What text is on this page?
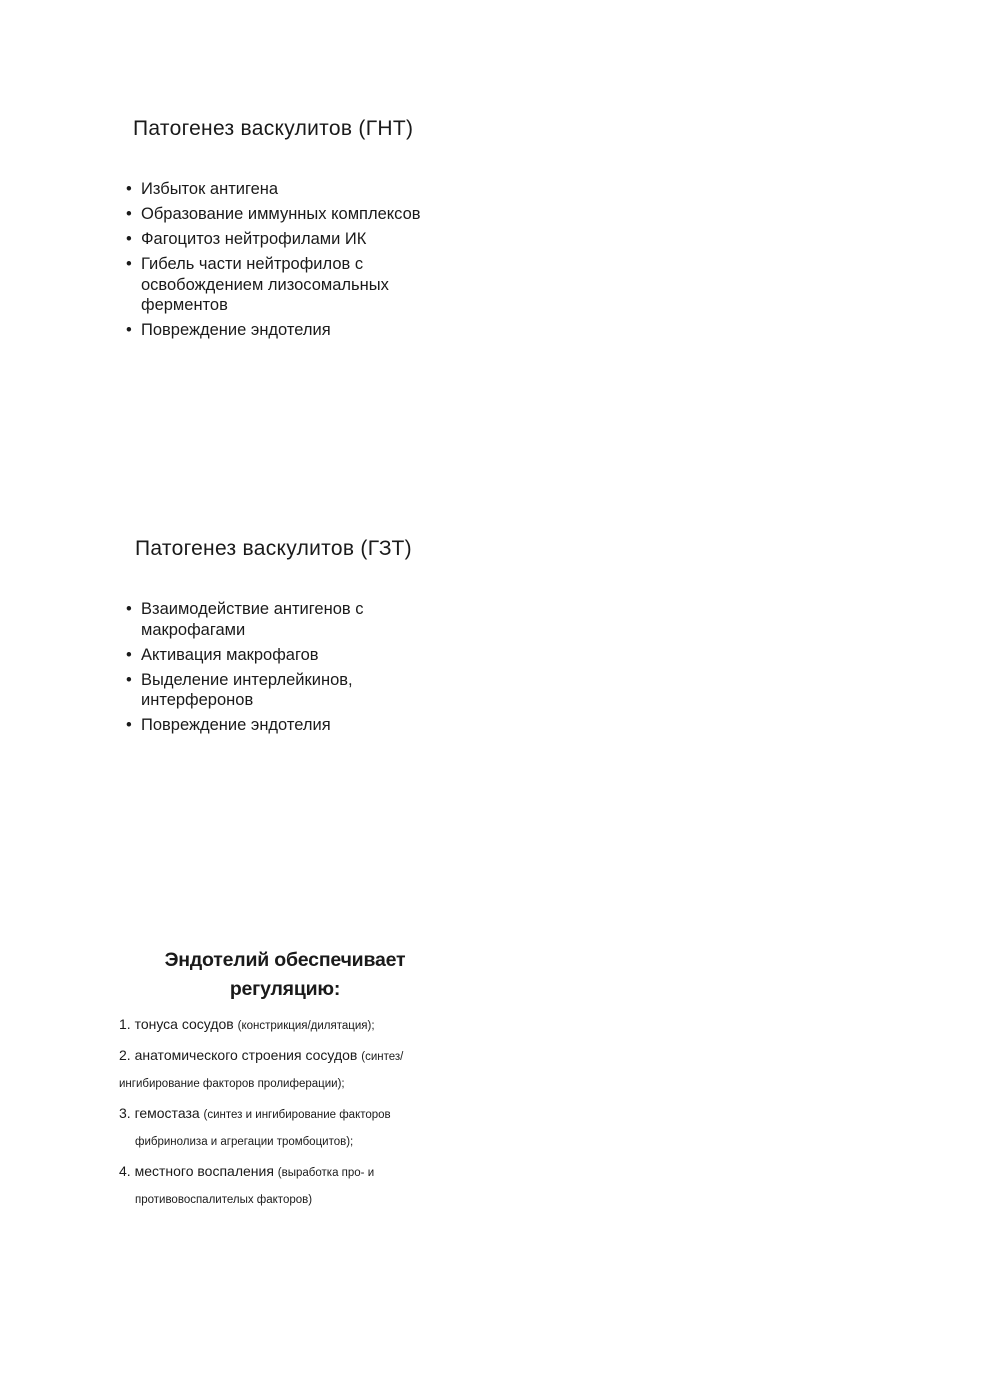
Патогенез васкулитов (ГНТ)
• Избыток антигена
• Образование иммунных комплексов
• Фагоцитоз нейтрофилами ИК
• Гибель части нейтрофилов с
освобождением лизосомальных
ферментов
• Повреждение эндотелия
Патогенез васкулитов (ГЗТ)
• Взаимодействие антигенов с
макрофагами
• Активация макрофагов
• Выделение интерлейкинов,
интерферонов
• Повреждение эндотелия
Эндотелий обеспечивает
регуляцию:
1. тонуса сосудов (констрикция/дилятация);
2. анатомического строения сосудов (синтез/
ингибирование факторов пролиферации);
3. гемостаза (синтез и ингибирование факторов
фибринолиза и агрегации тромбоцитов);
4. местного воспаления (выработка про- и
противовоспалителых факторов)
